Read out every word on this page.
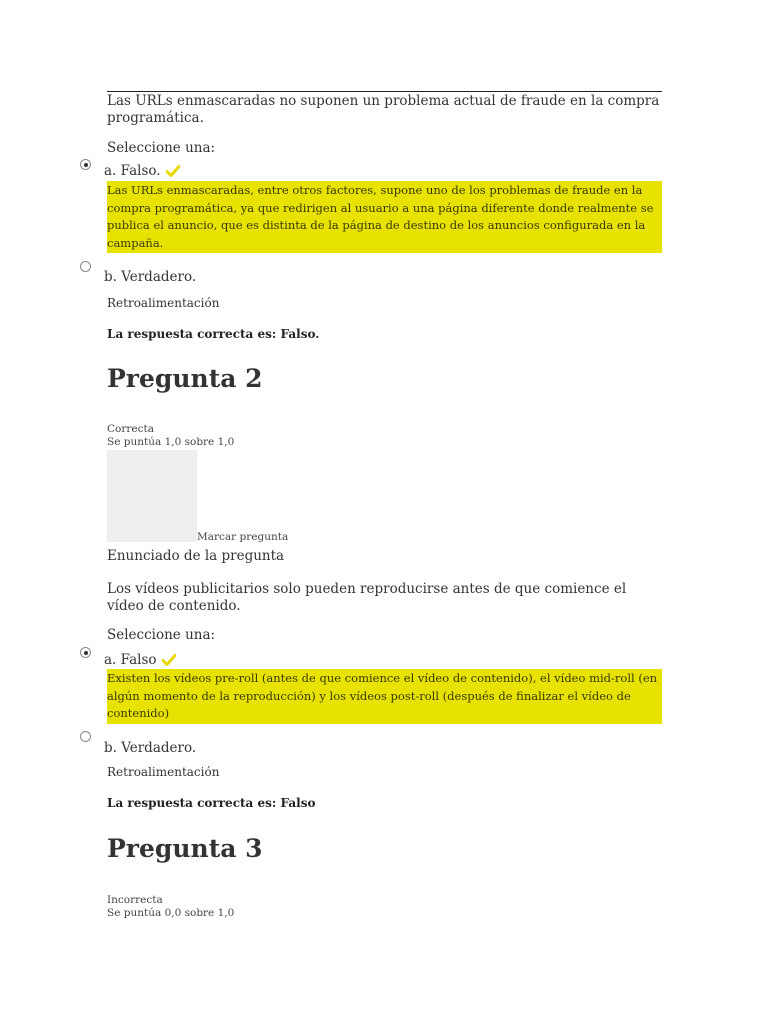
Las URLs enmascaradas no suponen un problema actual de fraude en la compra programática.
Seleccione una:
a. Falso.
Las URLs enmascaradas, entre otros factores, supone uno de los problemas de fraude en la compra programática, ya que redirigen al usuario a una página diferente donde realmente se publica el anuncio, que es distinta de la página de destino de los anuncios configurada en la campaña.
b. Verdadero.
Retroalimentación
La respuesta correcta es: Falso.
Pregunta 2
Correcta
Se puntúa 1,0 sobre 1,0
Marcar pregunta
Enunciado de la pregunta
Los vídeos publicitarios solo pueden reproducirse antes de que comience el vídeo de contenido.
Seleccione una:
a. Falso
Existen los vídeos pre-roll (antes de que comience el vídeo de contenido), el vídeo mid-roll (en algún momento de la reproducción) y los vídeos post-roll (después de finalizar el vídeo de contenido)
b. Verdadero.
Retroalimentación
La respuesta correcta es: Falso
Pregunta 3
Incorrecta
Se puntúa 0,0 sobre 1,0
